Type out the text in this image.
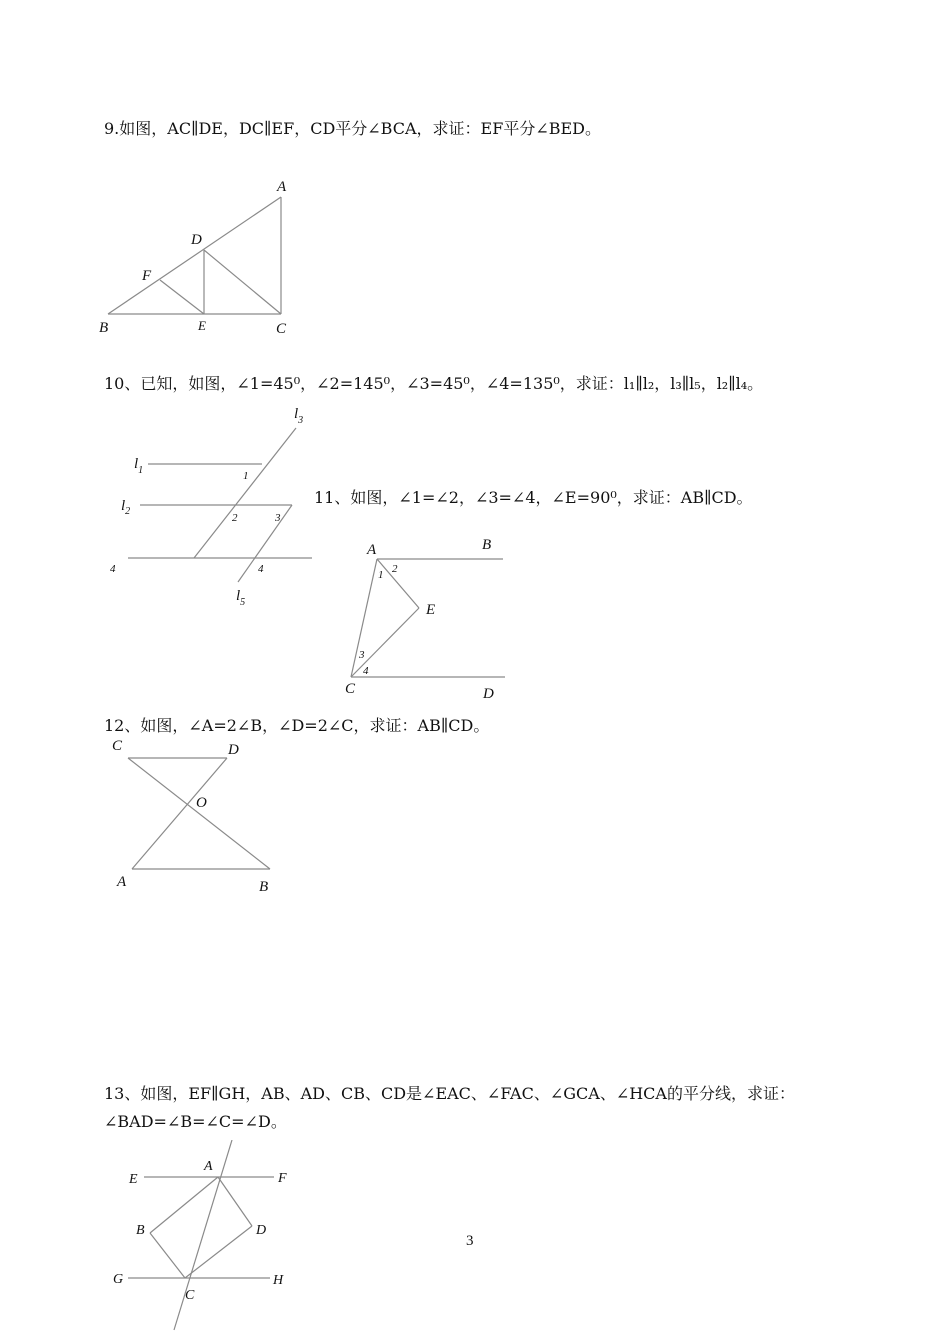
9.如图，AC∥DE，DC∥EF，CD平分∠BCA，求证：EF平分∠BED。
A
D
F
B	E	C
10、已知，如图，∠1=45⁰，∠2=145⁰，∠3=45⁰，∠4=135⁰，求证：l₁∥l₂，l₃∥l₅，l₂∥l₄。
$l_3$
$l_1$
$l_2$
4
$l_5$
1
2	3
4
11、如图，∠1=∠2，∠3=∠4，∠E=90⁰，求证：AB∥CD。
A	B
E
C	D
1 2
3
4
12、如图，∠A=2∠B，∠D=2∠C，求证：AB∥CD。
C	D
O
A	B
13、如图，EF∥GH，AB、AD、CB、CD是∠EAC、∠FAC、∠GCA、∠HCA的平分线，求证：
∠BAD=∠B=∠C=∠D。
A
E	F
B	D
G	H
C
3
